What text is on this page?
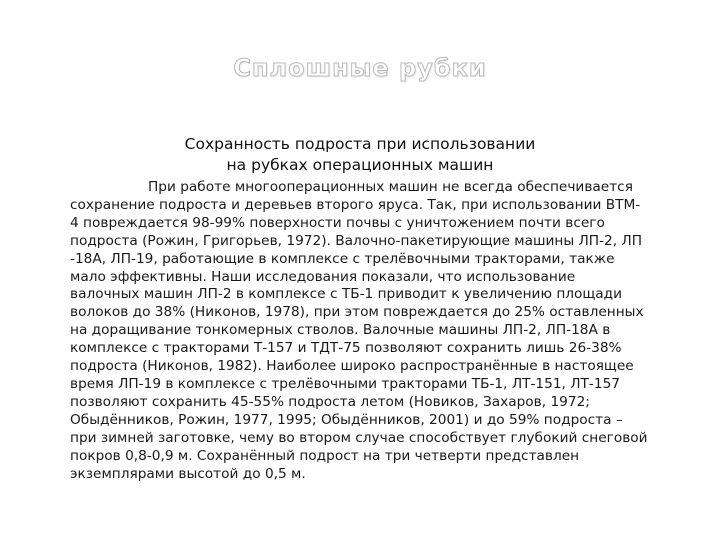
Сплошные рубки
Сохранность подроста при использовании
на рубках операционных машин
При работе многооперационных машин не всегда обеспечивается
сохранение подроста и деревьев второго яруса. Так, при использовании ВТМ-
4 повреждается 98-99% поверхности почвы с уничтожением почти всего
подроста (Рожин, Григорьев, 1972). Валочно-пакетирующие машины ЛП-2, ЛП
-18А, ЛП-19, работающие в комплексе с трелёвочными тракторами, также
мало эффективны. Наши исследования показали, что использование
валочных машин ЛП-2 в комплексе с ТБ-1 приводит к увеличению площади
волоков до 38% (Никонов, 1978), при этом повреждается до 25% оставленных
на доращивание тонкомерных стволов. Валочные машины ЛП-2, ЛП-18А в
комплексе с тракторами Т-157 и ТДТ-75 позволяют сохранить лишь 26-38%
подроста (Никонов, 1982). Наиболее широко распространённые в настоящее
время ЛП-19 в комплексе с трелёвочными тракторами ТБ-1, ЛТ-151, ЛТ-157
позволяют сохранить 45-55% подроста летом (Новиков, Захаров, 1972;
Обыдёнников, Рожин, 1977, 1995; Обыдёнников, 2001) и до 59% подроста –
при зимней заготовке, чему во втором случае способствует глубокий снеговой
покров 0,8-0,9 м. Сохранённый подрост на три четверти представлен
экземплярами высотой до 0,5 м.
